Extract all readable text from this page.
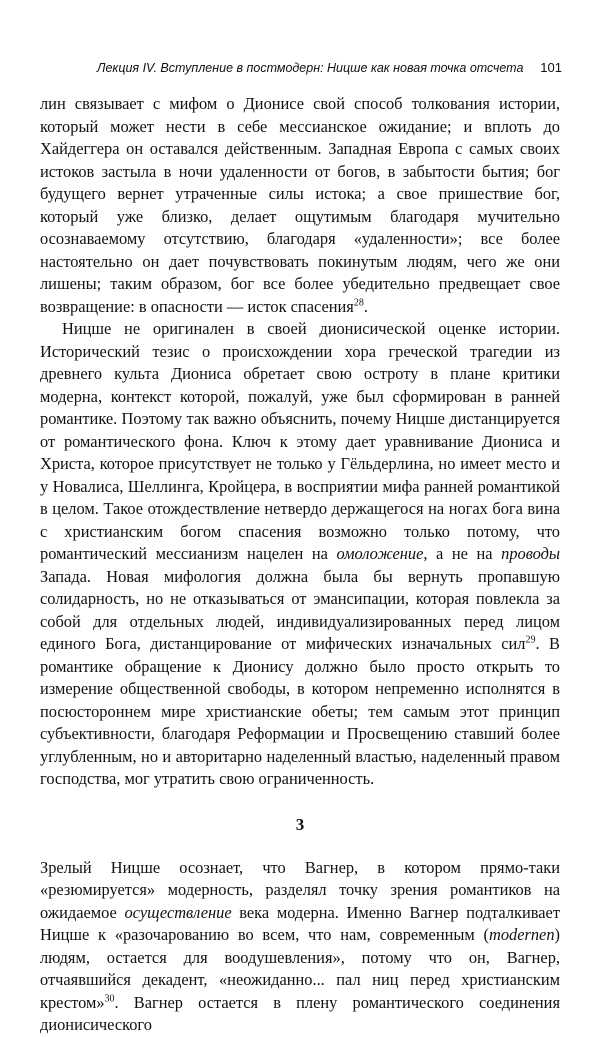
Лекция IV. Вступление в постмодерн: Ницше как новая точка отсчета	101

лин связывает с мифом о Дионисе свой способ толкования истории, который может нести в себе мессианское ожидание; и вплоть до Хайдеггера он оставался действенным. Западная Европа с самых своих истоков застыла в ночи удаленности от богов, в забытости бытия; бог будущего вернет утраченные силы истока; а свое пришествие бог, который уже близко, делает ощутимым благодаря мучительно осознаваемому отсутствию, благодаря «удаленности»; все более настоятельно он дает почувствовать покинутым людям, чего же они лишены; таким образом, бог все более убедительно предвещает свое возвращение: в опасности — исток спасения$^{28}$.

Ницше не оригинален в своей дионисической оценке истории. Исторический тезис о происхождении хора греческой трагедии из древнего культа Диониса обретает свою остроту в плане критики модерна, контекст которой, пожалуй, уже был сформирован в ранней романтике. Поэтому так важно объяснить, почему Ницше дистанцируется от романтического фона. Ключ к этому дает уравнивание Диониса и Христа, которое присутствует не только у Гёльдерлина, но имеет место и у Новалиса, Шеллинга, Кройцера, в восприятии мифа ранней романтикой в целом. Такое отождествление нетвердо держащегося на ногах бога вина с христианским богом спасения возможно только потому, что романтический мессианизм нацелен на омоложение, а не на проводы Запада. Новая мифология должна была бы вернуть пропавшую солидарность, но не отказываться от эмансипации, которая повлекла за собой для отдельных людей, индивидуализированных перед лицом единого Бога, дистанцирование от мифических изначальных сил$^{29}$. В романтике обращение к Дионису должно было просто открыть то измерение общественной свободы, в котором непременно исполнятся в посюстороннем мире христианские обеты; тем самым этот принцип субъективности, благодаря Реформации и Просвещению ставший более углубленным, но и авторитарно наделенный властью, наделенный правом господства, мог утратить свою ограниченность.

3

Зрелый Ницше осознает, что Вагнер, в котором прямо-таки «резюмируется» модерность, разделял точку зрения романтиков на ожидаемое осуществление века модерна. Именно Вагнер подталкивает Ницше к «разочарованию во всем, что нам, современным (modernen) людям, остается для воодушевления», потому что он, Вагнер, отчаявшийся декадент, «неожиданно... пал ниц перед христианским крестом»$^{30}$. Вагнер остается в плену романтического соединения дионисического
